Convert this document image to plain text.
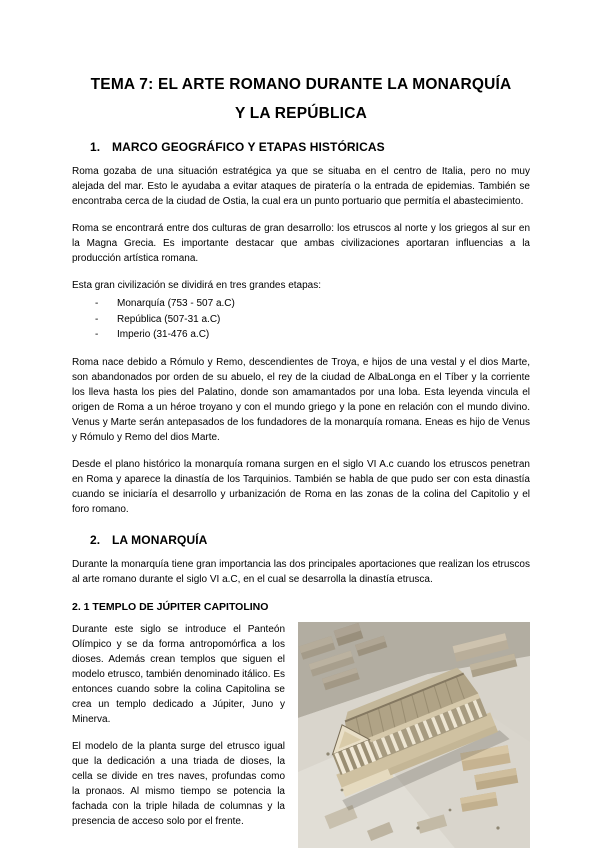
TEMA 7: EL ARTE ROMANO DURANTE LA MONARQUÍA
Y LA REPÚBLICA
1. MARCO GEOGRÁFICO Y ETAPAS HISTÓRICAS

Roma gozaba de una situación estratégica ya que se situaba en el centro de Italia, pero no muy alejada del mar. Esto le ayudaba a evitar ataques de piratería o la entrada de epidemias. También se encontraba cerca de la ciudad de Ostia, la cual era un punto portuario que permitía el abastecimiento.

Roma se encontrará entre dos culturas de gran desarrollo: los etruscos al norte y los griegos al sur en la Magna Grecia. Es importante destacar que ambas civilizaciones aportaran influencias a la producción artística romana.

Esta gran civilización se dividirá en tres grandes etapas:

-	Monarquía (753 - 507 a.C)
-	República (507-31 a.C)
-	Imperio (31-476 a.C)

Roma nace debido a Rómulo y Remo, descendientes de Troya, e hijos de una vestal y el dios Marte, son abandonados por orden de su abuelo, el rey de la ciudad de AlbaLonga en el Tíber y la corriente los lleva hasta los pies del Palatino, donde son amamantados por una loba. Esta leyenda vincula el origen de Roma a un héroe troyano y con el mundo griego y la pone en relación con el mundo divino. Venus y Marte serán antepasados de los fundadores de la monarquía romana. Eneas es hijo de Venus y Rómulo y Remo del dios Marte.

Desde el plano histórico la monarquía romana surgen en el siglo VI A.c cuando los etruscos penetran en Roma y aparece la dinastía de los Tarquinios. También se habla de que pudo ser con esta dinastía cuando se iniciaría el desarrollo y urbanización de Roma en las zonas de la colina del Capitolio y el foro romano.

2. LA MONARQUÍA

Durante la monarquía tiene gran importancia las dos principales aportaciones que realizan los etruscos al arte romano durante el siglo VI a.C, en el cual se desarrolla la dinastía etrusca.

2. 1 TEMPLO DE JÚPITER CAPITOLINO

Durante este siglo se introduce el Panteón Olímpico y se da forma antropomórfica a los dioses. Además crean templos que siguen el modelo etrusco, también denominado itálico. Es entonces cuando sobre la colina Capitolina se crea un templo dedicado a Júpiter, Juno y Minerva.

El modelo de la planta surge del etrusco igual que la dedicación a una triada de dioses, la cella se divide en tres naves, profundas como la pronaos. Al mismo tiempo se potencia la fachada con la triple hilada de columnas y la presencia de acceso solo por el frente.
